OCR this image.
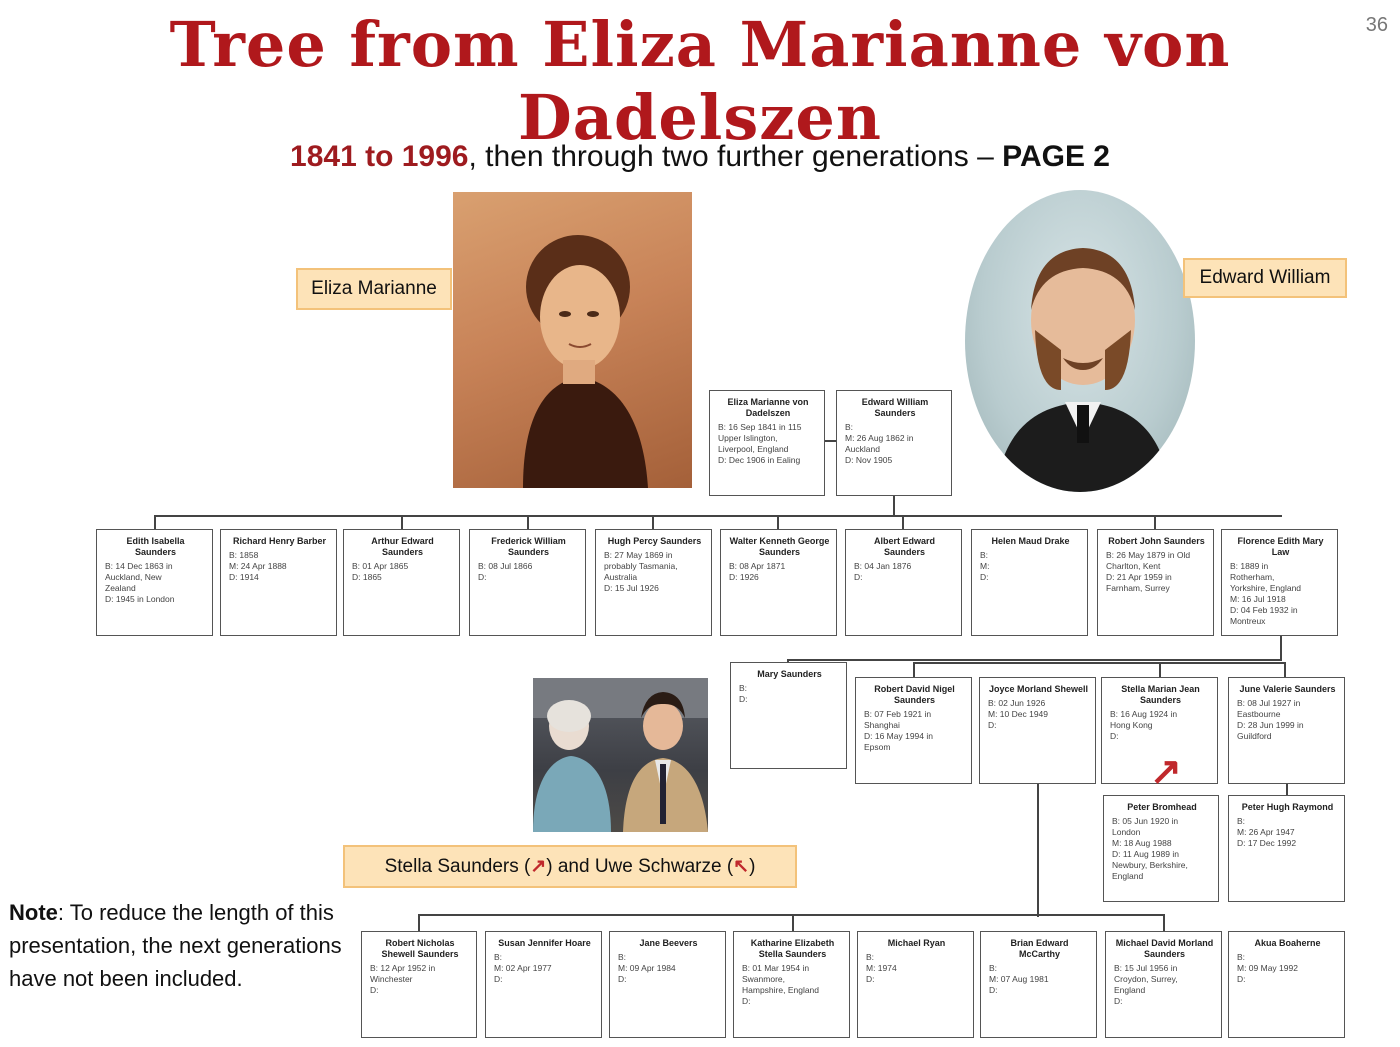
Tree from Eliza Marianne von Dadelszen
36
1841 to 1996, then through two further generations – PAGE 2
Eliza Marianne
Edward William
Eliza Marianne von Dadelszen
B: 16 Sep 1841 in 115
Upper Islington,
Liverpool, England
D: Dec 1906 in Ealing
Edward William Saunders
B:
M: 26 Aug 1862 in
Auckland
D: Nov 1905
Edith Isabella Saunders
B: 14 Dec 1863 in
Auckland, New
Zealand
D: 1945 in London
Richard Henry Barber
B: 1858
M: 24 Apr 1888
D: 1914
Arthur Edward Saunders
B: 01 Apr 1865
D: 1865
Frederick William Saunders
B: 08 Jul 1866
D:
Hugh Percy Saunders
B: 27 May 1869 in
probably Tasmania,
Australia
D: 15 Jul 1926
Walter Kenneth George Saunders
B: 08 Apr 1871
D: 1926
Albert Edward Saunders
B: 04 Jan 1876
D:
Helen Maud Drake
B:
M:
D:
Robert John Saunders
B: 26 May 1879 in Old
Charlton, Kent
D: 21 Apr 1959 in
Farnham, Surrey
Florence Edith Mary Law
B: 1889 in
Rotherham,
Yorkshire, England
M: 16 Jul 1918
D: 04 Feb 1932 in
Montreux
Mary Saunders
B:
D:
Robert David Nigel Saunders
B: 07 Feb 1921 in
Shanghai
D: 16 May 1994 in
Epsom
Joyce Morland Shewell
B: 02 Jun 1926
M: 10 Dec 1949
D:
Stella Marian Jean Saunders
B: 16 Aug 1924 in
Hong Kong
D:
June Valerie Saunders
B: 08 Jul 1927 in
Eastbourne
D: 28 Jun 1999 in
Guildford
↗
Peter Bromhead
B: 05 Jun 1920 in
London
M: 18 Aug 1988
D: 11 Aug 1989 in
Newbury, Berkshire,
England
Peter Hugh Raymond
B:
M: 26 Apr 1947
D: 17 Dec 1992
Stella Saunders ( ↗ ) and Uwe Schwarze ( ↖ )
Robert Nicholas Shewell Saunders
B: 12 Apr 1952 in
Winchester
D:
Susan Jennifer Hoare
B:
M: 02 Apr 1977
D:
Jane Beevers
B:
M: 09 Apr 1984
D:
Katharine Elizabeth Stella Saunders
B: 01 Mar 1954 in
Swanmore,
Hampshire, England
D:
Michael Ryan
B:
M: 1974
D:
Brian Edward McCarthy
B:
M: 07 Aug 1981
D:
Michael David Morland Saunders
B: 15 Jul 1956 in
Croydon, Surrey,
England
D:
Akua Boaherne
B:
M: 09 May 1992
D:
Note: To reduce the length of this presentation, the next generations have not been included.
